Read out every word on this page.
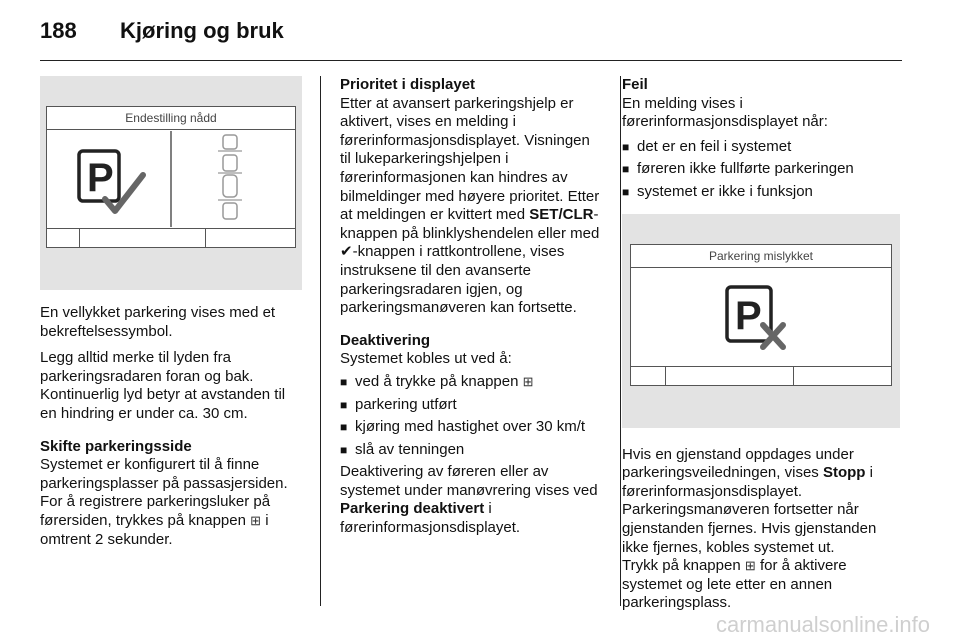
188	Kjøring og bruk
Endestilling nådd
P

En vellykket parkering vises med et bekreftelsessymbol.

Legg alltid merke til lyden fra parkeringsradaren foran og bak. Kontinuerlig lyd betyr at avstanden til en hindring er under ca. 30 cm.

Skifte parkeringsside

Systemet er konfigurert til å finne parkeringsplasser på passasjersiden.

For å registrere parkeringsluker på førersiden, trykkes på knappen ⊞ i omtrent 2 sekunder.

Prioritet i displayet

Etter at avansert parkeringshjelp er aktivert, vises en melding i førerinformasjonsdisplayet. Visningen til lukeparkeringshjelpen i førerinformasjonen kan hindres av bilmeldinger med høyere prioritet. Etter at meldingen er kvittert med SET/CLR-knappen på blinklyshendelen eller med ✔-knappen i rattkontrollene, vises instruksene til den avanserte parkeringsradaren igjen, og parkeringsmanøveren kan fortsette.

Deaktivering

Systemet kobles ut ved å:

■ ved å trykke på knappen ⊞
■ parkering utført
■ kjøring med hastighet over 30 km/t
■ slå av tenningen

Deaktivering av føreren eller av systemet under manøvrering vises ved Parkering deaktivert i førerinformasjonsdisplayet.

Feil

En melding vises i førerinformasjonsdisplayet når:

■ det er en feil i systemet
■ føreren ikke fullførte parkeringen
■ systemet er ikke i funksjon
Parkering mislykket
P

Hvis en gjenstand oppdages under parkeringsveiledningen, vises Stopp i førerinformasjonsdisplayet. Parkeringsmanøveren fortsetter når gjenstanden fjernes. Hvis gjenstanden ikke fjernes, kobles systemet ut.

Trykk på knappen ⊞ for å aktivere systemet og lete etter en annen parkeringsplass.

carmanualsonline.info
